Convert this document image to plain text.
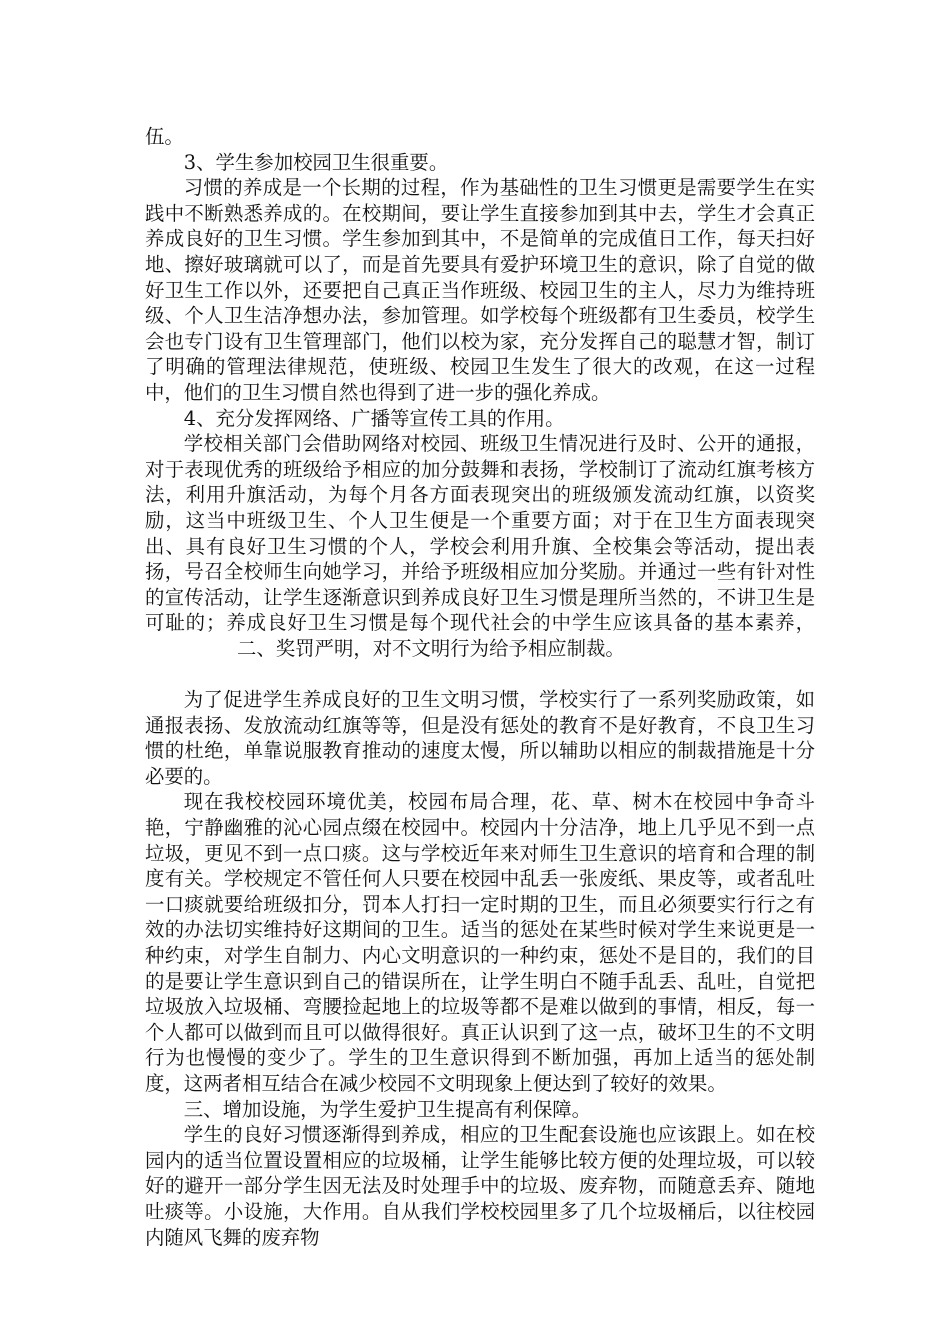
伍。

3、学生参加校园卫生很重要。

习惯的养成是一个长期的过程，作为基础性的卫生习惯更是需要学生在实践中不断熟悉养成的。在校期间，要让学生直接参加到其中去，学生才会真正养成良好的卫生习惯。学生参加到其中，不是简单的完成值日工作，每天扫好地、擦好玻璃就可以了，而是首先要具有爱护环境卫生的意识，除了自觉的做好卫生工作以外，还要把自己真正当作班级、校园卫生的主人，尽力为维持班级、个人卫生洁净想办法，参加管理。如学校每个班级都有卫生委员，校学生会也专门设有卫生管理部门，他们以校为家，充分发挥自己的聪慧才智，制订了明确的管理法律规范，使班级、校园卫生发生了很大的改观，在这一过程中，他们的卫生习惯自然也得到了进一步的强化养成。

4、充分发挥网络、广播等宣传工具的作用。

学校相关部门会借助网络对校园、班级卫生情况进行及时、公开的通报，对于表现优秀的班级给予相应的加分鼓舞和表扬，学校制订了流动红旗考核方法，利用升旗活动，为每个月各方面表现突出的班级颁发流动红旗，以资奖励，这当中班级卫生、个人卫生便是一个重要方面；对于在卫生方面表现突出、具有良好卫生习惯的个人，学校会利用升旗、全校集会等活动，提出表扬，号召全校师生向她学习，并给予班级相应加分奖励。并通过一些有针对性的宣传活动，让学生逐渐意识到养成良好卫生习惯是理所当然的，不讲卫生是可耻的；养成良好卫生习惯是每个现代社会的中学生应该具备的基本素养，二、奖罚严明，对不文明行为给予相应制裁。

为了促进学生养成良好的卫生文明习惯，学校实行了一系列奖励政策，如通报表扬、发放流动红旗等等，但是没有惩处的教育不是好教育，不良卫生习惯的杜绝，单靠说服教育推动的速度太慢，所以辅助以相应的制裁措施是十分必要的。

现在我校校园环境优美，校园布局合理，花、草、树木在校园中争奇斗艳，宁静幽雅的沁心园点缀在校园中。校园内十分洁净，地上几乎见不到一点垃圾，更见不到一点口痰。这与学校近年来对师生卫生意识的培育和合理的制度有关。学校规定不管任何人只要在校园中乱丢一张废纸、果皮等，或者乱吐一口痰就要给班级扣分，罚本人打扫一定时期的卫生，而且必须要实行行之有效的办法切实维持好这期间的卫生。适当的惩处在某些时候对学生来说更是一种约束，对学生自制力、内心文明意识的一种约束，惩处不是目的，我们的目的是要让学生意识到自己的错误所在，让学生明白不随手乱丢、乱吐，自觉把垃圾放入垃圾桶、弯腰捡起地上的垃圾等都不是难以做到的事情，相反，每一个人都可以做到而且可以做得很好。真正认识到了这一点，破坏卫生的不文明行为也慢慢的变少了。学生的卫生意识得到不断加强，再加上适当的惩处制度，这两者相互结合在减少校园不文明现象上便达到了较好的效果。

三、增加设施，为学生爱护卫生提高有利保障。

学生的良好习惯逐渐得到养成，相应的卫生配套设施也应该跟上。如在校园内的适当位置设置相应的垃圾桶，让学生能够比较方便的处理垃圾，可以较好的避开一部分学生因无法及时处理手中的垃圾、废弃物，而随意丢弃、随地吐痰等。小设施，大作用。自从我们学校校园里多了几个垃圾桶后，以往校园内随风飞舞的废弃物
